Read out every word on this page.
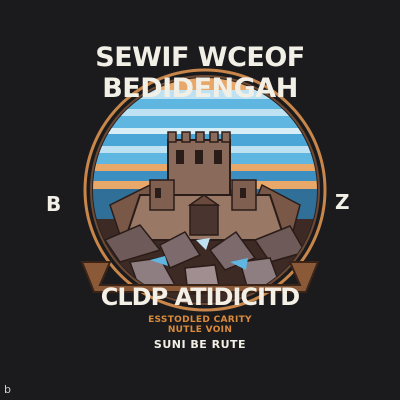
SEWIF WCEOF BEDIDENGAH
B	Z
CLDP ATIDICITD
ESSTODLED CARITY
NUTLE VOIN
SUNI BE RUTE
b
